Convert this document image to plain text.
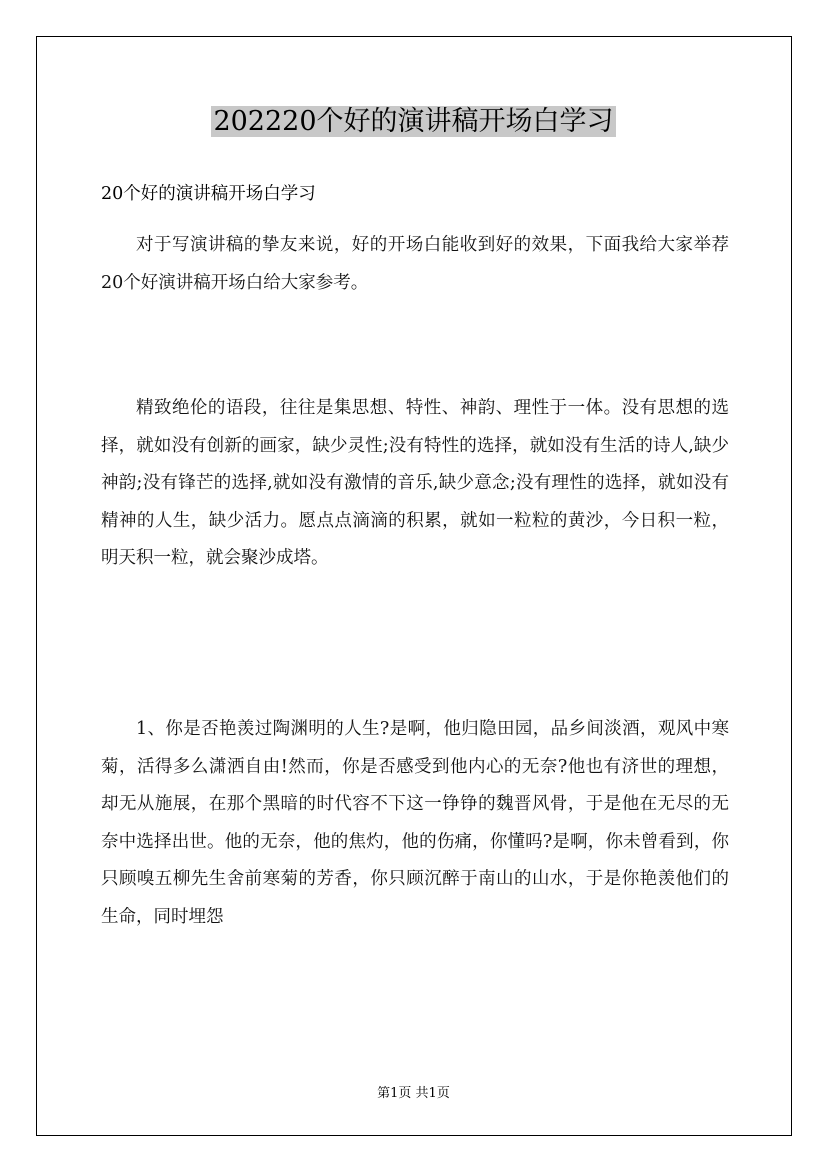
202220个好的演讲稿开场白学习
20个好的演讲稿开场白学习

对于写演讲稿的挚友来说，好的开场白能收到好的效果，下面我给大家举荐20个好演讲稿开场白给大家参考。

精致绝伦的语段，往往是集思想、特性、神韵、理性于一体。没有思想的选择，就如没有创新的画家，缺少灵性;没有特性的选择，就如没有生活的诗人,缺少神韵;没有锋芒的选择,就如没有激情的音乐,缺少意念;没有理性的选择，就如没有精神的人生，缺少活力。愿点点滴滴的积累，就如一粒粒的黄沙，今日积一粒，明天积一粒，就会聚沙成塔。

1、你是否艳羡过陶渊明的人生?是啊，他归隐田园，品乡间淡酒，观风中寒菊，活得多么潇洒自由!然而，你是否感受到他内心的无奈?他也有济世的理想，却无从施展，在那个黑暗的时代容不下这一铮铮的魏晋风骨，于是他在无尽的无奈中选择出世。他的无奈，他的焦灼，他的伤痛，你懂吗?是啊，你未曾看到，你只顾嗅五柳先生舍前寒菊的芳香，你只顾沉醉于南山的山水，于是你艳羡他们的生命，同时埋怨

第1页 共1页
